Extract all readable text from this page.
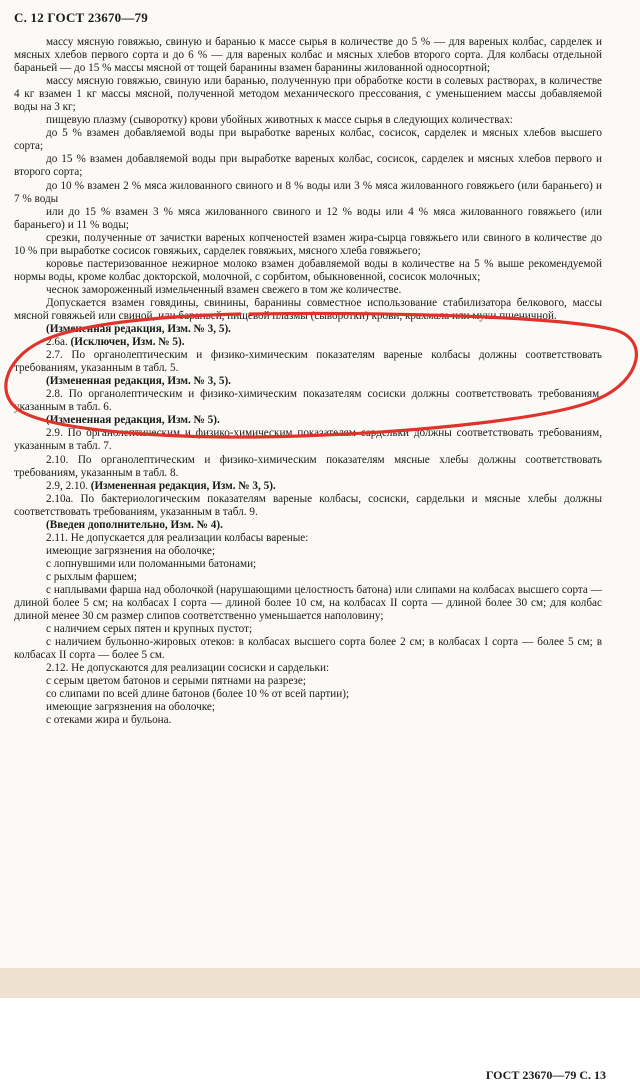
С. 12 ГОСТ 23670—79

массу мясную говяжью, свиную и баранью к массе сырья в количестве до 5 % — для вареных колбас, сарделек и мясных хлебов первого сорта и до 6 % — для вареных колбас и мясных хлебов второго сорта. Для колбасы отдельной бараньей — до 15 % массы мясной от тощей баранины взамен баранины жилованной односортной;

массу мясную говяжью, свиную или баранью, полученную при обработке кости в солевых растворах, в количестве 4 кг взамен 1 кг массы мясной, полученной методом механического прессования, с уменьшением массы добавляемой воды на 3 кг;

пищевую плазму (сыворотку) крови убойных животных к массе сырья в следующих количествах:

до 5 % взамен добавляемой воды при выработке вареных колбас, сосисок, сарделек и мясных хлебов высшего сорта;

до 15 % взамен добавляемой воды при выработке вареных колбас, сосисок, сарделек и мясных хлебов первого и второго сорта;

до 10 % взамен 2 % мяса жилованного свиного и 8 % воды или 3 % мяса жилованного говяжьего (или бараньего) и 7 % воды

или до 15 % взамен 3 % мяса жилованного свиного и 12 % воды или 4 % мяса жилованного говяжьего (или бараньего) и 11 % воды;

срезки, полученные от зачистки вареных копченостей взамен жира-сырца говяжьего или свиного в количестве до 10 % при выработке сосисок говяжьих, сарделек говяжьих, мясного хлеба говяжьего;

коровье пастеризованное нежирное молоко взамен добавляемой воды в количестве на 5 % выше рекомендуемой нормы воды, кроме колбас докторской, молочной, с сорбитом, обыкновенной, сосисок молочных;

чеснок замороженный измельченный взамен свежего в том же количестве.

Допускается взамен говядины, свинины, баранины совместное использование стабилизатора белкового, массы мясной говяжьей или свиной, или бараньей, пищевой плазмы (сыворотки) крови, крахмала или муки пшеничной.

(Измененная редакция, Изм. № 3, 5).

2.6а. (Исключен, Изм. № 5).

2.7. По органолептическим и физико-химическим показателям вареные колбасы должны соответствовать требованиям, указанным в табл. 5.

(Измененная редакция, Изм. № 3, 5).

2.8. По органолептическим и физико-химическим показателям сосиски должны соответствовать требованиям, указанным в табл. 6.

(Измененная редакция, Изм. № 5).

2.9. По органолептическим и физико-химическим показателям сардельки должны соответствовать требованиям, указанным в табл. 7.

2.10. По органолептическим и физико-химическим показателям мясные хлебы должны соответствовать требованиям, указанным в табл. 8.

2.9, 2.10. (Измененная редакция, Изм. № 3, 5).

2.10а. По бактериологическим показателям вареные колбасы, сосиски, сардельки и мясные хлебы должны соответствовать требованиям, указанным в табл. 9.

(Введен дополнительно, Изм. № 4).

2.11. Не допускается для реализации колбасы вареные:

имеющие загрязнения на оболочке;

с лопнувшими или поломанными батонами;

с рыхлым фаршем;

с наплывами фарша над оболочкой (нарушающими целостность батона) или слипами на колбасах высшего сорта — длиной более 5 см; на колбасах I сорта — длиной более 10 см, на колбасах II сорта — длиной более 30 см; для колбас длиной менее 30 см размер слипов соответственно уменьшается наполовину;

с наличием серых пятен и крупных пустот;

с наличием бульонно-жировых отеков: в колбасах высшего сорта более 2 см; в колбасах I сорта — более 5 см; в колбасах II сорта — более 5 см.

2.12. Не допускаются для реализации сосиски и сардельки:

с серым цветом батонов и серыми пятнами на разрезе;

со слипами по всей длине батонов (более 10 % от всей партии);

имеющие загрязнения на оболочке;

с отеками жира и бульона.

ГОСТ 23670—79 С. 13
